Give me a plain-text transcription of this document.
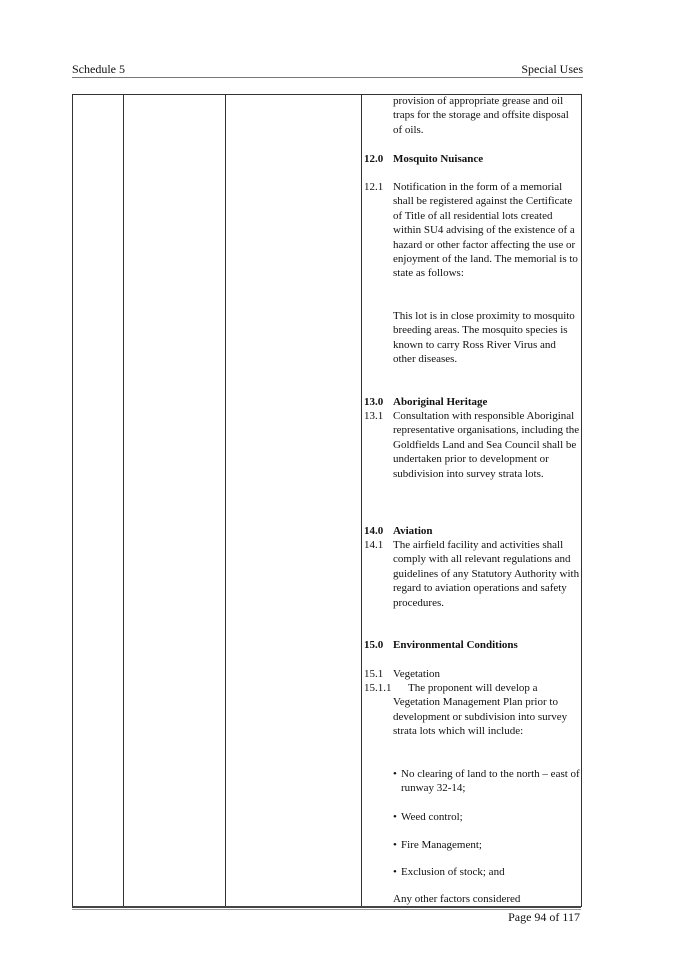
Schedule 5	Special Uses
provision of appropriate grease and oil traps for the storage and offsite disposal of oils.
12.0 Mosquito Nuisance
12.1 Notification in the form of a memorial shall be registered against the Certificate of Title of all residential lots created within SU4 advising of the existence of a hazard or other factor affecting the use or enjoyment of the land. The memorial is to state as follows:
This lot is in close proximity to mosquito breeding areas. The mosquito species is known to carry Ross River Virus and other diseases.
13.0 Aboriginal Heritage
13.1 Consultation with responsible Aboriginal representative organisations, including the Goldfields Land and Sea Council shall be undertaken prior to development or subdivision into survey strata lots.
14.0 Aviation
14.1 The airfield facility and activities shall comply with all relevant regulations and guidelines of any Statutory Authority with regard to aviation operations and safety procedures.
15.0 Environmental Conditions
15.1 Vegetation
15.1.1 The proponent will develop a
Vegetation Management Plan prior to development or subdivision into survey strata lots which will include:
• No clearing of land to the north – east of runway 32-14;
• Weed control;
• Fire Management;
• Exclusion of stock; and
Any other factors considered
Page 94 of 117
